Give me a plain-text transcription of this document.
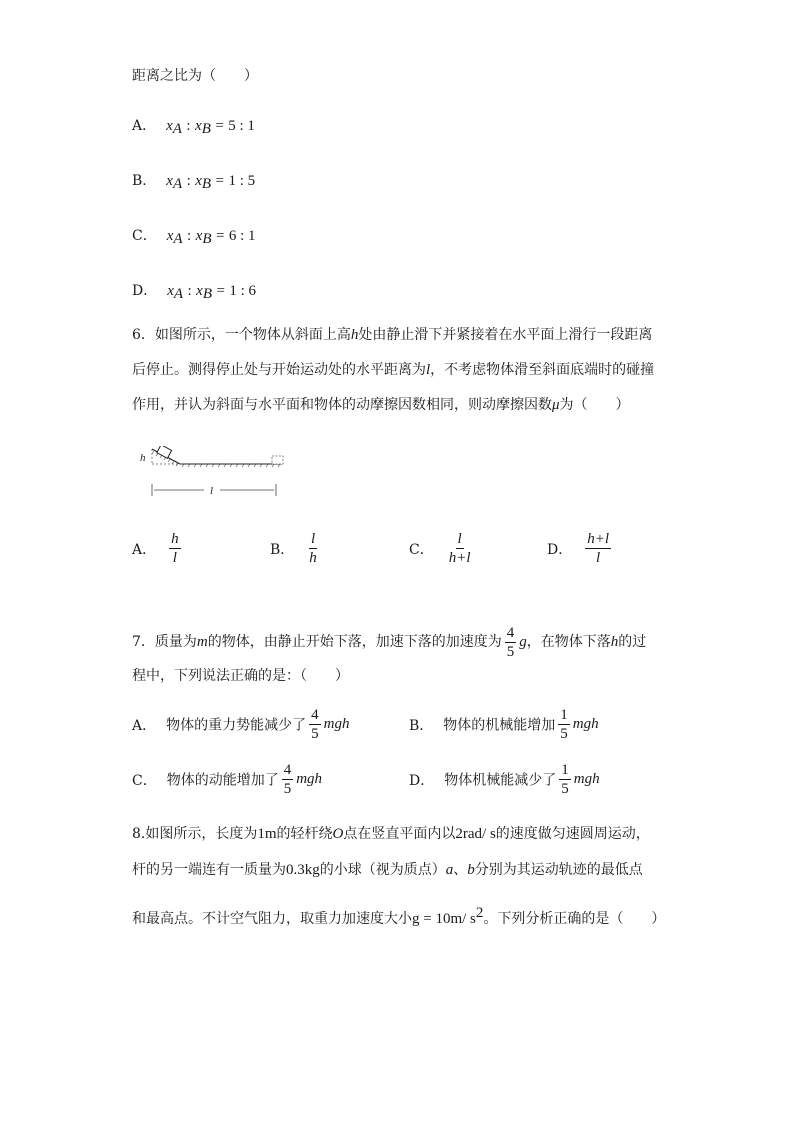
距离之比为（　　）
A． $x_A$ : $x_B = 5$ : 1
B． $x_A$ : $x_B = 1$ : 5
C． $x_A$ : $x_B = 6$ : 1
D． $x_A$ : $x_B = 1$ : 6
6．如图所示，一个物体从斜面上高h处由静止滑下并紧接着在水平面上滑行一段距离
后停止。测得停止处与开始运动处的水平距离为l，不考虑物体滑至斜面底端时的碰撞
作用，并认为斜面与水平面和物体的动摩擦因数相同，则动摩擦因数μ为（　　）
h
l
A． $\frac{h}{l}$	B． $\frac{l}{h}$	C． $\frac{l}{h+l}$	D． $\frac{h+l}{l}$
7．质量为m的物体，由静止开始下落，加速下落的加速度为 $\frac{4}{5}$ g，在物体下落h的过
程中，下列说法正确的是：（　　）
A． 物体的重力势能减少了 $\frac{4}{5}$ mgh	B． 物体的机械能增加 $\frac{1}{5}$ mgh
C． 物体的动能增加了 $\frac{4}{5}$ mgh	D． 物体机械能减少了 $\frac{1}{5}$ mgh
8.如图所示，长度为1m的轻杆绕O点在竖直平面内以2rad/ s的速度做匀速圆周运动，
杆的另一端连有一质量为0.3kg的小球（视为质点）a、b分别为其运动轨迹的最低点
和最高点。不计空气阻力，取重力加速度大小g = 10m/ $s^2$。下列分析正确的是（　　）
